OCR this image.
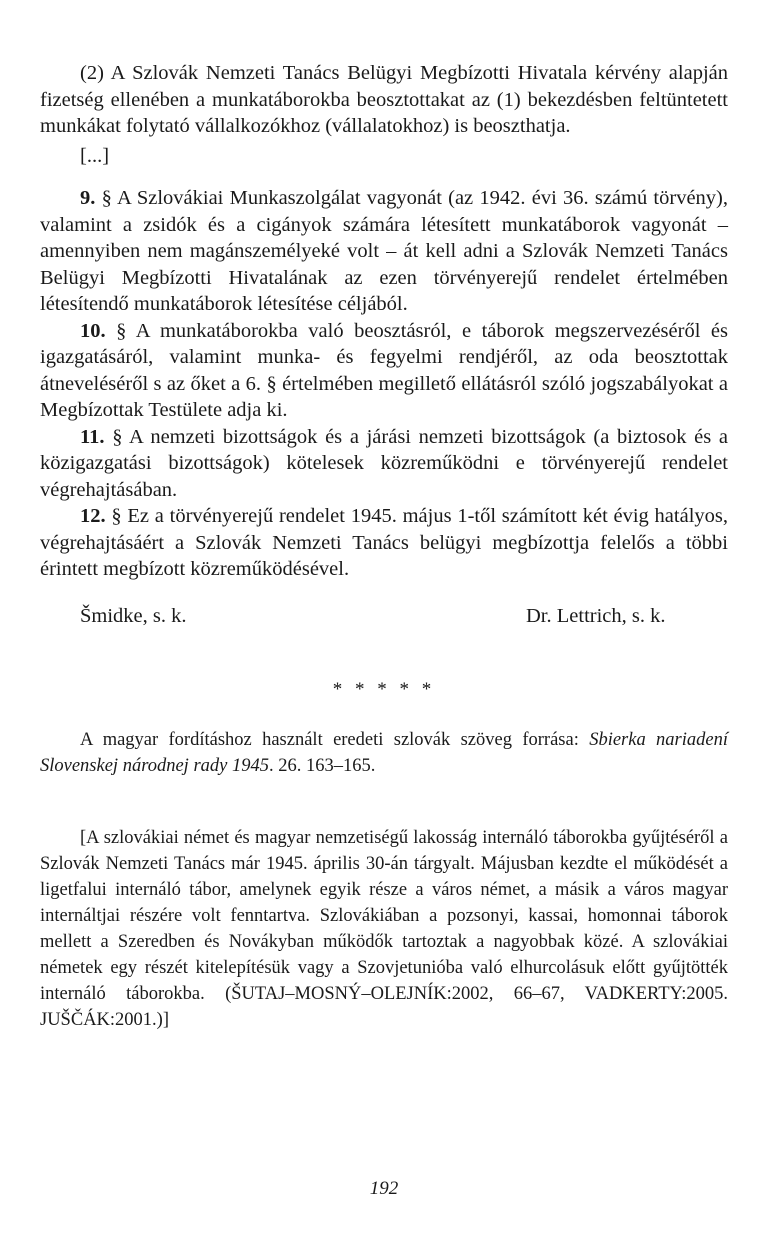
(2) A Szlovák Nemzeti Tanács Belügyi Megbízotti Hivatala kérvény alapján fizetség ellenében a munkatáborokba beosztottakat az (1) bekezdésben feltüntetett munkákat folytató vállalkozókhoz (vállalatokhoz) is beoszthatja.

[...]

9. § A Szlovákiai Munkaszolgálat vagyonát (az 1942. évi 36. számú törvény), valamint a zsidók és a cigányok számára létesített munkatáborok vagyonát – amennyiben nem magánszemélyeké volt – át kell adni a Szlovák Nemzeti Tanács Belügyi Megbízotti Hivatalának az ezen törvényerejű rendelet értelmében létesítendő munkatáborok létesítése céljából.

10. § A munkatáborokba való beosztásról, e táborok megszervezéséről és igazgatásáról, valamint munka- és fegyelmi rendjéről, az oda beosztottak átneveléséről s az őket a 6. § értelmében megillető ellátásról szóló jogszabályokat a Megbízottak Testülete adja ki.

11. § A nemzeti bizottságok és a járási nemzeti bizottságok (a biztosok és a közigazgatási bizottságok) kötelesek közreműködni e törvényerejű rendelet végrehajtásában.

12. § Ez a törvényerejű rendelet 1945. május 1-től számított két évig hatályos, végrehajtásáért a Szlovák Nemzeti Tanács belügyi megbízottja felelős a többi érintett megbízott közreműködésével.

Šmidke, s. k.	Dr. Lettrich, s. k.
* * * * *

A magyar fordításhoz használt eredeti szlovák szöveg forrása: Sbierka nariadení Slovenskej národnej rady 1945. 26. 163–165.

[A szlovákiai német és magyar nemzetiségű lakosság internáló táborokba gyűjtéséről a Szlovák Nemzeti Tanács már 1945. április 30-án tárgyalt. Májusban kezdte el működését a ligetfalui internáló tábor, amelynek egyik része a város német, a másik a város magyar internáltjai részére volt fenntartva. Szlovákiában a pozsonyi, kassai, homonnai táborok mellett a Szeredben és Novákyban működők tartoztak a nagyobbak közé. A szlovákiai németek egy részét kitelepítésük vagy a Szovjetunióba való elhurcolásuk előtt gyűjtötték internáló táborokba. (ŠUTAJ–MOSNÝ–OLEJNÍK:2002, 66–67, VADKERTY:2005. JUŠČÁK:2001.)]

192
